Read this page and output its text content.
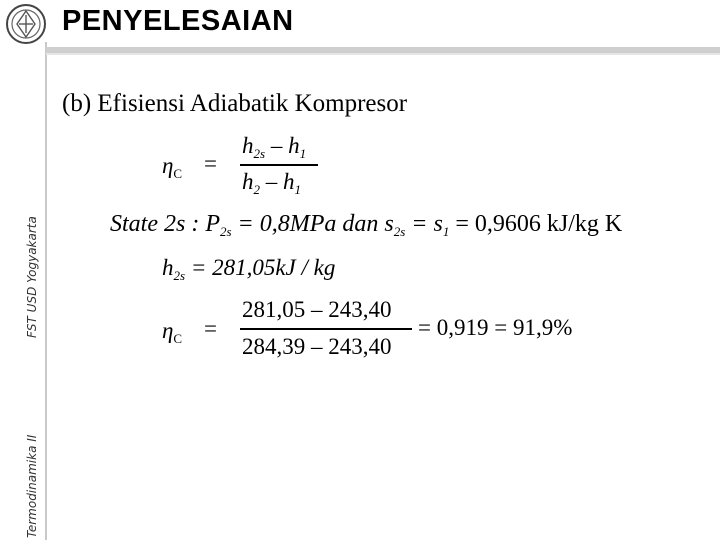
FST USD Yogyakarta
Termodinamika II
PENYELESAIAN
(b) Efisiensi Adiabatik Kompresor
$\eta_C$ =
$h_{2s} - h_1$
$h_2 - h_1$
State 2s : $P_{2s} = 0,8MPa$ dan $s_{2s} = s_1 = 0,9606$ kJ/kg K
$h_{2s} = 281,05kJ$ / kg
$\eta_C$ =
281,05 – 243,40
284,39 – 243,40
= 0,919 = 91,9%
